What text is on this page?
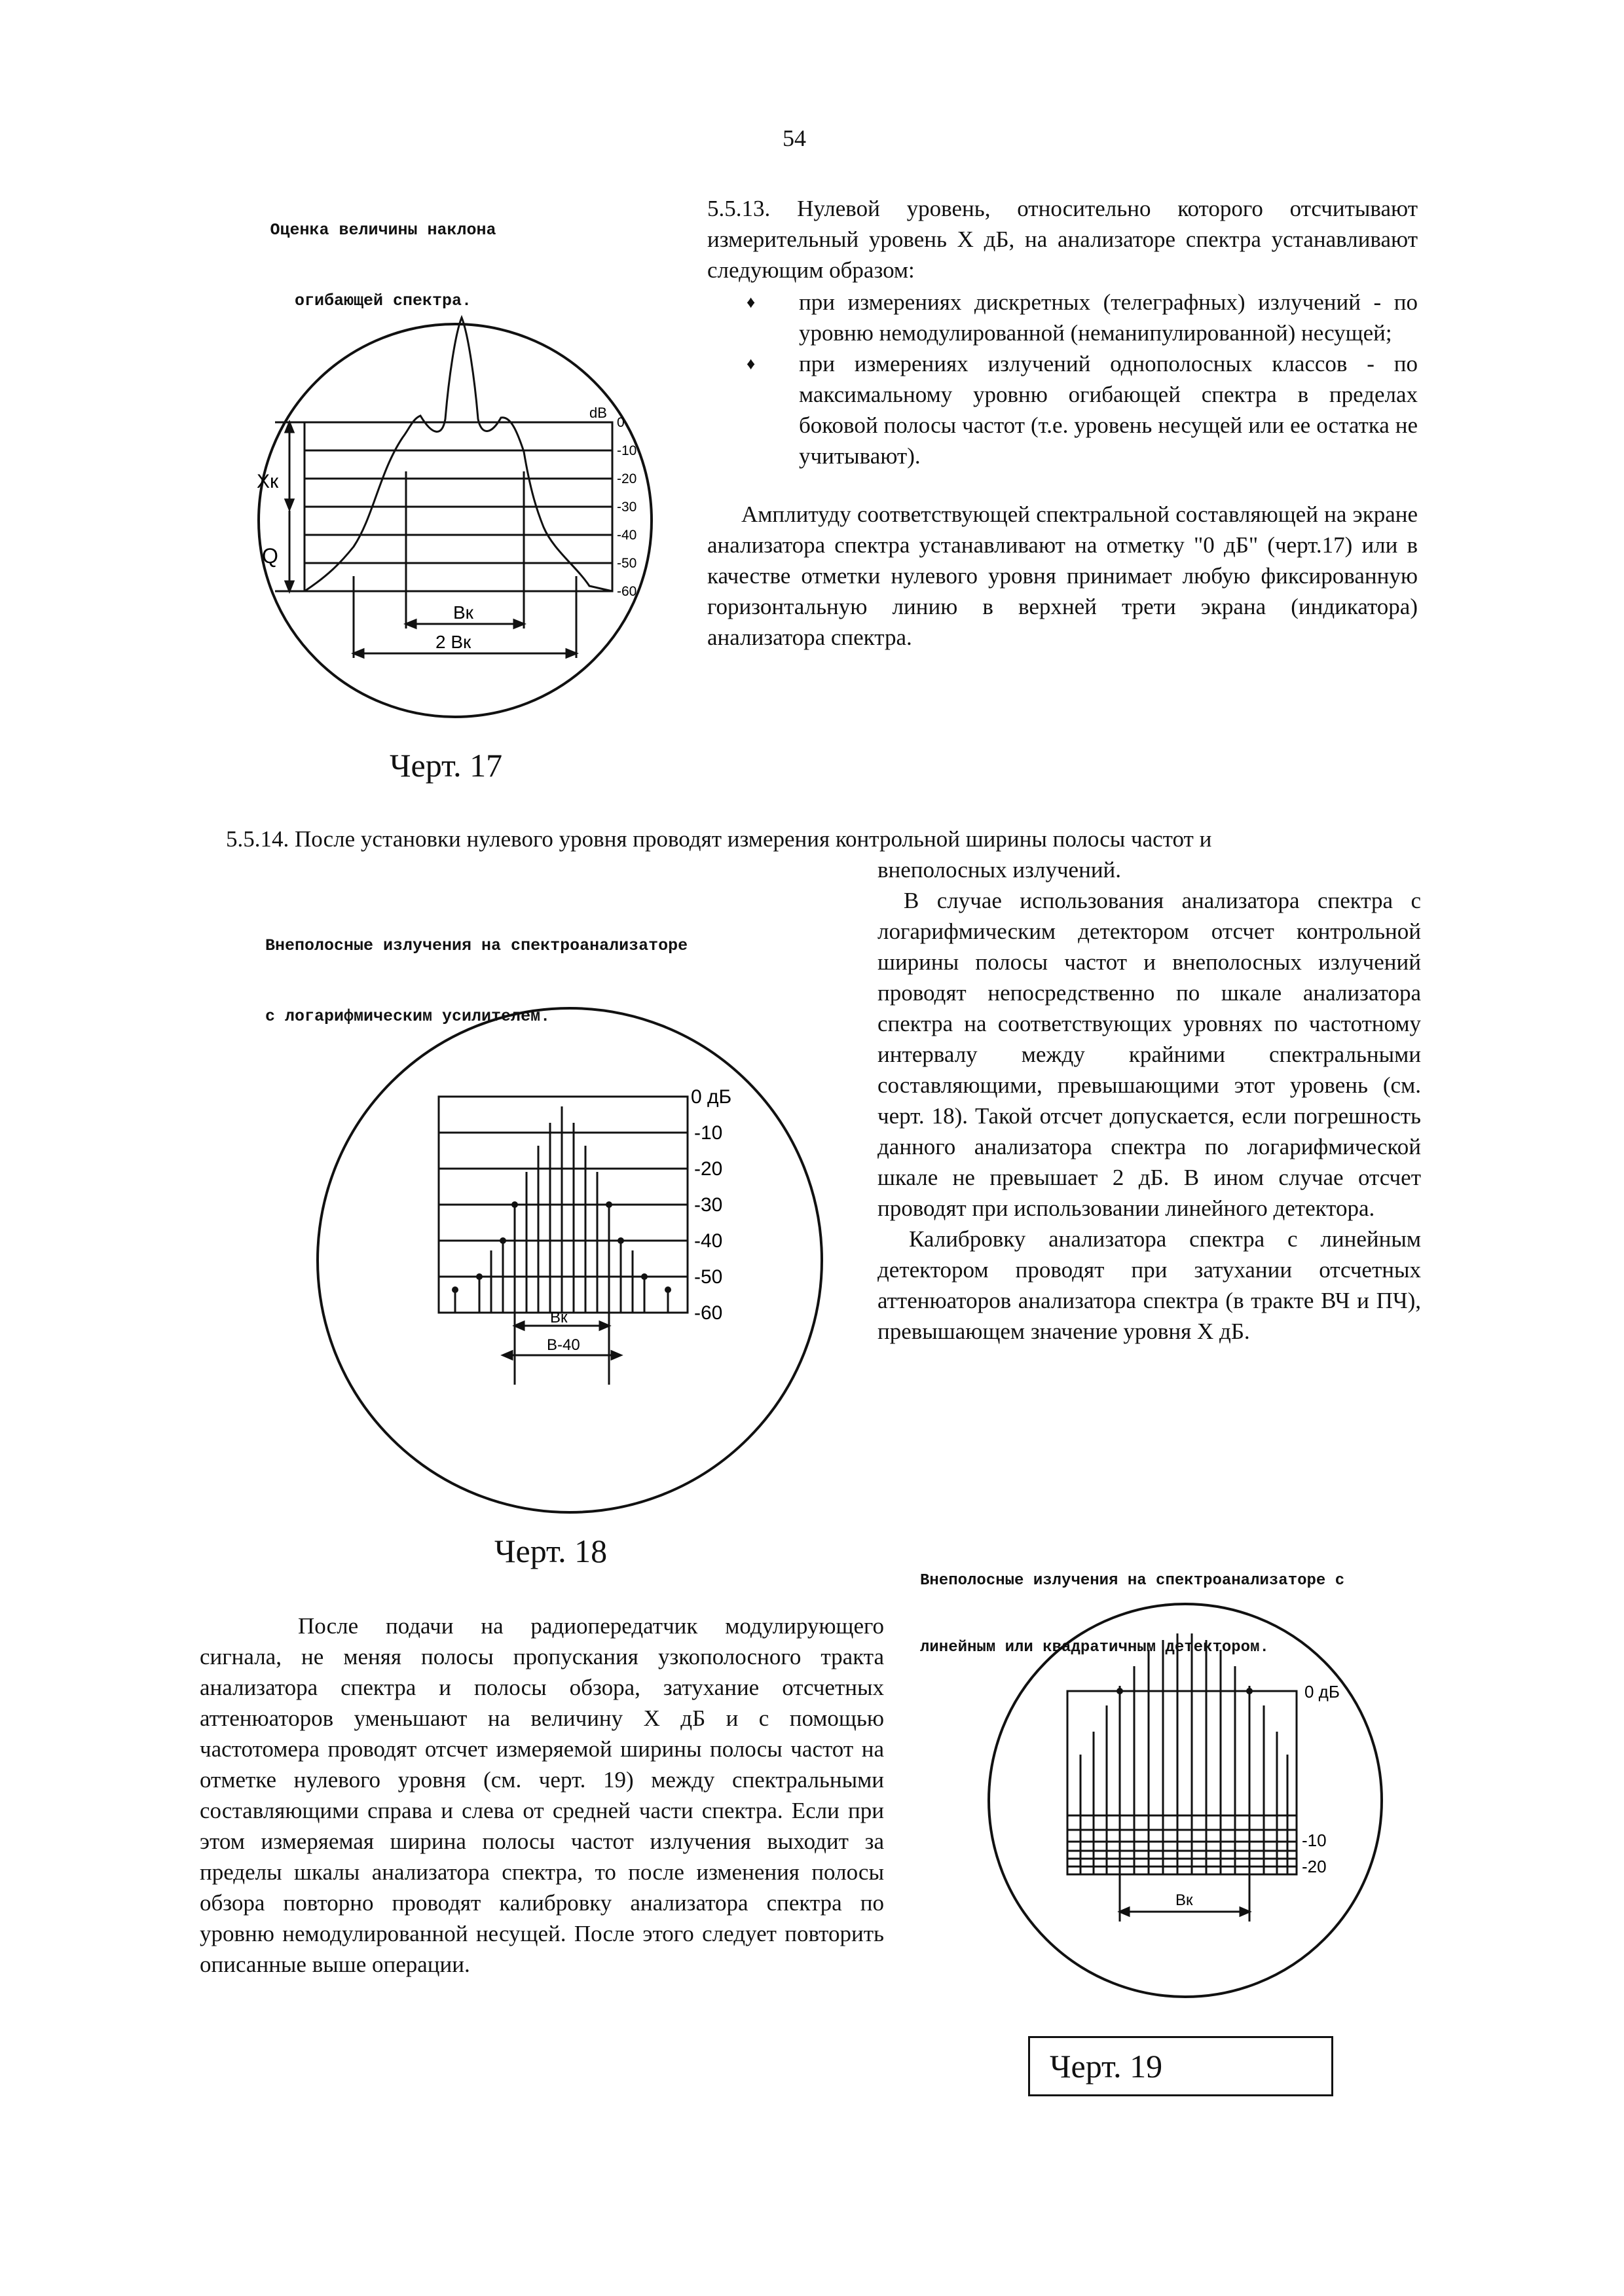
54

Оценка величины наклона

огибающей спектра.

Xк
Q
dB
0
-10
-20
-30
-40
-50
-60
Bк
2 Bк
Черт. 17
5.5.13. Нулевой уровень, относительно которого отсчитывают измерительный уровень X дБ, на анализаторе спектра устанавливают следующим образом:
♦ при измерениях дискретных (телеграфных) излучений - по уровню немодулированной (неманипулированной) несущей;
♦ при измерениях излучений однополосных классов - по максимальному уровню огибающей спектра в пределах боковой полосы частот (т.е. уровень несущей или ее остатка не учитывают).
Амплитуду соответствующей спектральной составляющей на экране анализатора спектра устанавливают на отметку "0 дБ" (черт.17) или в качестве отметки нулевого уровня принимает любую фиксированную горизонтальную линию в верхней трети экрана (индикатора) анализатора спектра.
5.5.14. После установки нулевого уровня проводят измерения контрольной ширины полосы частот и
внеполосных излучений.

Внеполосные излучения на спектроанализаторе

с логарифмическим усилителем.

0 дБ
-10
-20
-30
-40
-50
-60
Bк
B-40
Черт. 18
В случае использования анализатора спектра с логарифмическим детектором отсчет контрольной ширины полосы частот и внеполосных излучений проводят непосредственно по шкале анализатора спектра на соответствующих уровнях по частотному интервалу между крайними спектральными составляющими, превышающими этот уровень (см. черт. 18). Такой отсчет допускается, если погрешность данного анализатора спектра по логарифмической шкале не превышает 2 дБ. В ином случае отсчет проводят при использовании линейного детектора.
Калибровку анализатора спектра с линейным детектором проводят при затухании отсчетных аттенюаторов анализатора спектра (в тракте ВЧ и ПЧ), превышающем значение уровня X дБ.

Внеполосные излучения на спектроанализаторе с

линейным или квадратичным детектором.

0 дБ
-10
-20
Bк
Черт. 19
После подачи на радиопередатчик модулирующего сигнала, не меняя полосы пропускания узкополосного тракта анализатора спектра и полосы обзора, затухание отсчетных аттенюаторов уменьшают на величину X дБ и с помощью частотомера проводят отсчет измеряемой ширины полосы частот на отметке нулевого уровня (см. черт. 19) между спектральными составляющими справа и слева от средней части спектра. Если при этом измеряемая ширина полосы частот излучения выходит за пределы шкалы анализатора спектра, то после изменения полосы обзора повторно проводят калибровку анализатора спектра по уровню немодулированной несущей. После этого следует повторить описанные выше операции.
